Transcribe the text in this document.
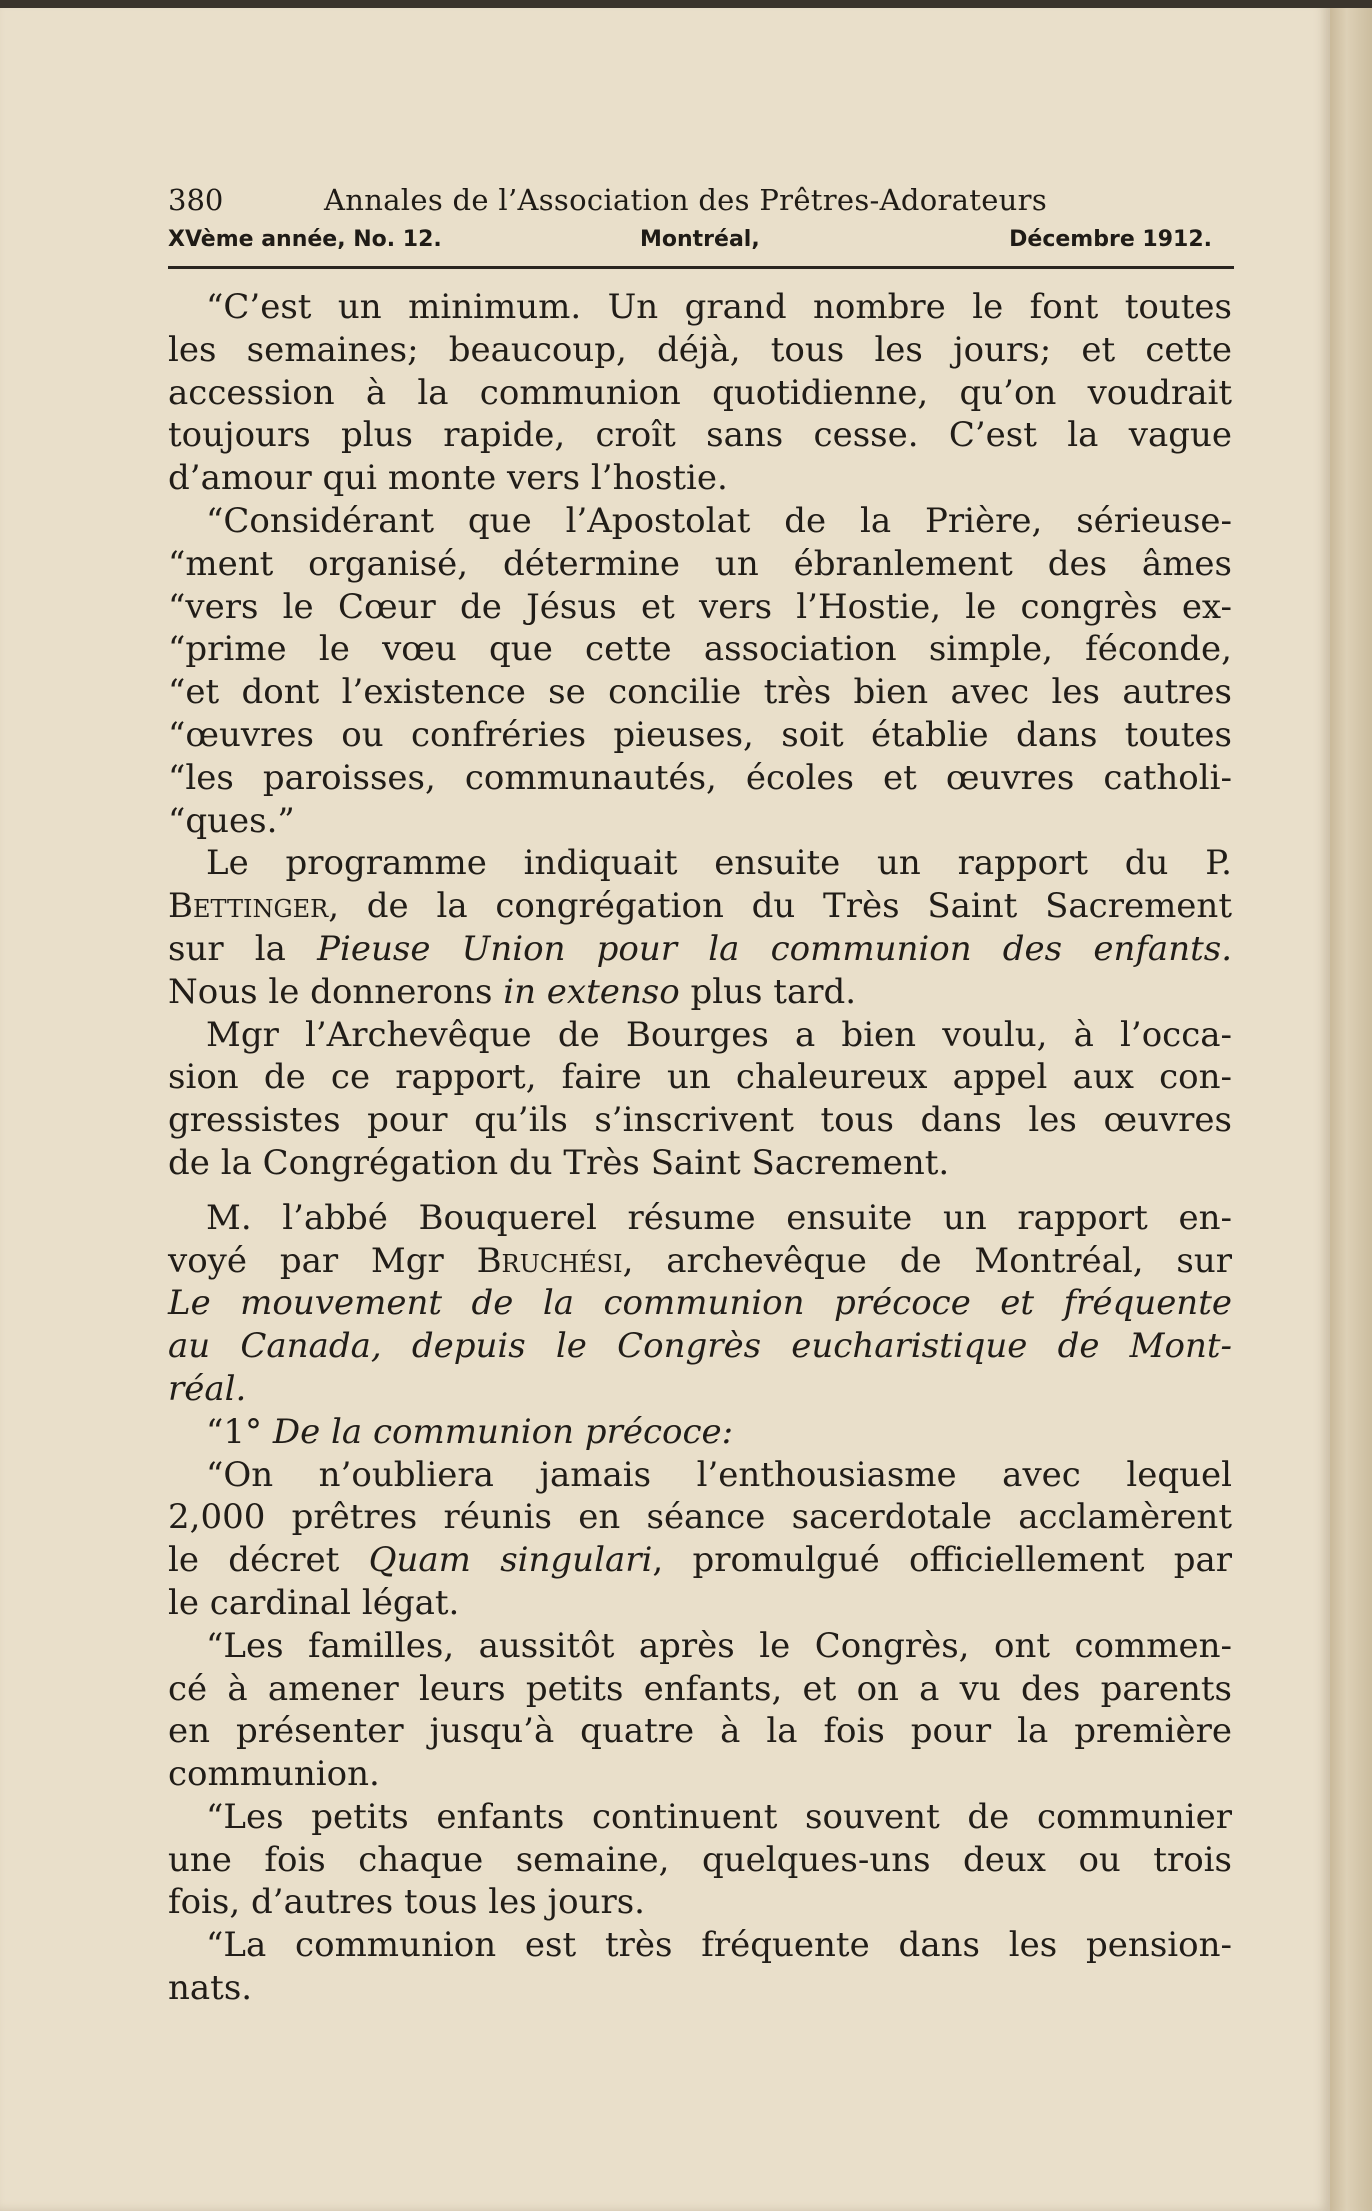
380	Annales de l’Association des Prêtres-Adorateurs
XVème année, No. 12.	Montréal,	Décembre 1912.
“C’est un minimum. Un grand nombre le font toutes
les semaines; beaucoup, déjà, tous les jours; et cette
accession à la communion quotidienne, qu’on voudrait
toujours plus rapide, croît sans cesse. C’est la vague
d’amour qui monte vers l’hostie.
“Considérant que l’Apostolat de la Prière, sérieuse-
“ment organisé, détermine un ébranlement des âmes
“vers le Cœur de Jésus et vers l’Hostie, le congrès ex-
“prime le vœu que cette association simple, féconde,
“et dont l’existence se concilie très bien avec les autres
“œuvres ou confréries pieuses, soit établie dans toutes
“les paroisses, communautés, écoles et œuvres catholi-
“ques.”
Le programme indiquait ensuite un rapport du P.
Bettinger, de la congrégation du Très Saint Sacrement
sur la Pieuse Union pour la communion des enfants.
Nous le donnerons in extenso plus tard.
Mgr l’Archevêque de Bourges a bien voulu, à l’occa-
sion de ce rapport, faire un chaleureux appel aux con-
gressistes pour qu’ils s’inscrivent tous dans les œuvres
de la Congrégation du Très Saint Sacrement.
M. l’abbé Bouquerel résume ensuite un rapport en-
voyé par Mgr Bruchési, archevêque de Montréal, sur
Le mouvement de la communion précoce et fréquente
au Canada, depuis le Congrès eucharistique de Mont-
réal.
“1° De la communion précoce:
“On n’oubliera jamais l’enthousiasme avec lequel
2,000 prêtres réunis en séance sacerdotale acclamèrent
le décret Quam singulari, promulgué officiellement par
le cardinal légat.
“Les familles, aussitôt après le Congrès, ont commen-
cé à amener leurs petits enfants, et on a vu des parents
en présenter jusqu’à quatre à la fois pour la première
communion.
“Les petits enfants continuent souvent de communier
une fois chaque semaine, quelques-uns deux ou trois
fois, d’autres tous les jours.
“La communion est très fréquente dans les pension-
nats.
